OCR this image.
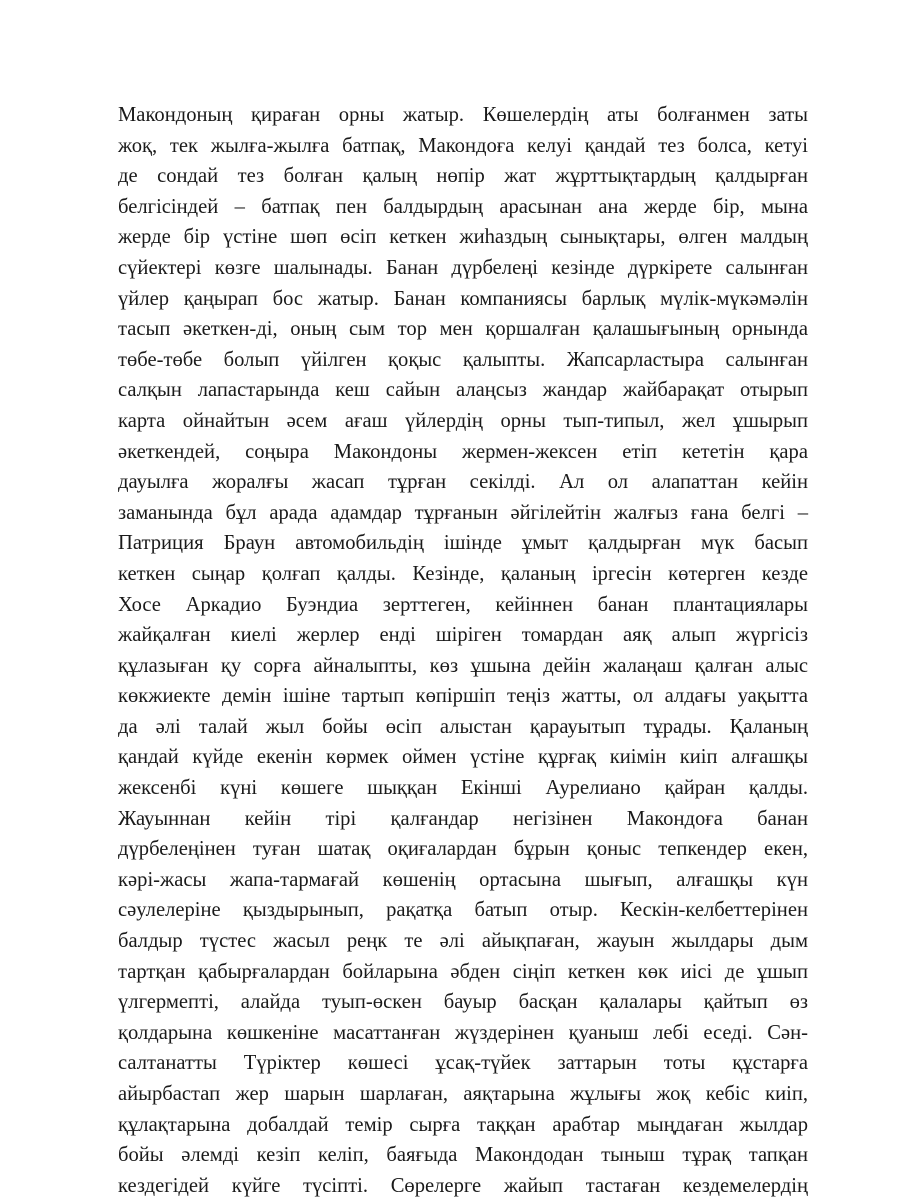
Макондоның қираған орны жатыр. Көшелердің аты болғанмен заты
жоқ, тек жылға-жылға батпақ, Макондоға келуі қандай тез болса, кетуі
де сондай тез болған қалың нөпір жат жұрттықтардың қалдырған
белгісіндей – батпақ пен балдырдың арасынан ана жерде бір, мына
жерде бір үстіне шөп өсіп кеткен жиһаздың сынықтары, өлген малдың
сүйектері көзге шалынады. Банан дүрбелеңі кезінде дүркірете салынған
үйлер қаңырап бос жатыр. Банан компаниясы барлық мүлік-мүкәмəлін
тасып əкеткен-ді, оның сым тор мен қоршалған қалашығының орнында
төбе-төбе болып үйілген қоқыс қалыпты. Жапсарластыра салынған
салқын лапастарында кеш сайын алаңсыз жандар жайбарақат отырып
карта ойнайтын əсем ағаш үйлердің орны тып-типыл, жел ұшырып
əкеткендей, соңыра Макондоны жермен-жексен етіп кететін қара
дауылға жоралғы жасап тұрған секілді. Ал ол алапаттан кейін
заманында бұл арада адамдар тұрғанын əйгілейтін жалғыз ғана белгі –
Патриция Браун автомобильдің ішінде ұмыт қалдырған мүк басып
кеткен сыңар қолғап қалды. Кезінде, қаланың іргесін көтерген кезде
Хосе Аркадио Буэндиа зерттеген, кейіннен банан плантациялары
жайқалған киелі жерлер енді шіріген томардан аяқ алып жүргісіз
құлазыған қу сорға айналыпты, көз ұшына дейін жалаңаш қалған алыс
көкжиекте демін ішіне тартып көпіршіп теңіз жатты, ол алдағы уақытта
да əлі талай жыл бойы өсіп алыстан қарауытып тұрады. Қаланың
қандай күйде екенін көрмек оймен үстіне құрғақ киімін киіп алғашқы
жексенбі күні көшеге шыққан Екінші Аурелиано қайран қалды.
Жауыннан кейін тірі қалғандар негізінен Макондоға банан
дүрбелеңінен туған шатақ оқиғалардан бұрын қоныс тепкендер екен,
кəрі-жасы жапа-тармағай көшенің ортасына шығып, алғашқы күн
сəулелеріне қыздырынып, рақатқа батып отыр. Кескін-келбеттерінен
балдыр түстес жасыл реңк те əлі айықпаған, жауын жылдары дым
тартқан қабырғалардан бойларына əбден сіңіп кеткен көк иісі де ұшып
үлгермепті, алайда туып-өскен бауыр басқан қалалары қайтып өз
қолдарына көшкеніне масаттанған жүздерінен қуаныш лебі еседі. Сəн-
салтанатты Түріктер көшесі ұсақ-түйек заттарын тоты құстарға
айырбастап жер шарын шарлаған, аяқтарына жұлығы жоқ кебіс киіп,
құлақтарына добалдай темір сырға таққан арабтар мыңдаған жылдар
бойы əлемді кезіп келіп, баяғыда Макондодан тыныш тұрақ тапқан
кездегідей күйге түсіпті. Сөрелерге жайып тастаған кездемелердің
